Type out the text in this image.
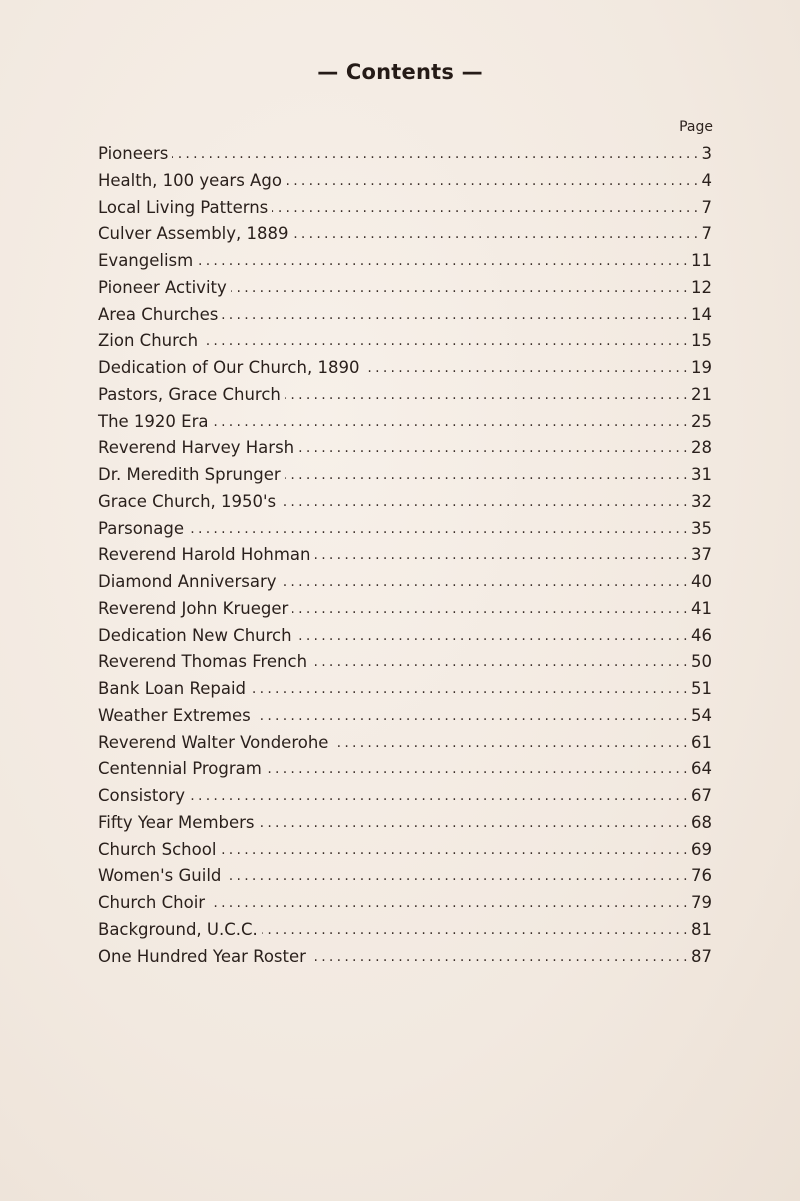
— Contents —
Page
Pioneers . . .	3
Health, 100 years Ago . . .	4
Local Living Patterns . . .	7
Culver Assembly, 1889 . . .	7
Evangelism . . .	11
Pioneer Activity . . .	12
Area Churches . . .	14
Zion Church . . .	15
Dedication of Our Church, 1890 . . .	19
Pastors, Grace Church . . .	21
The 1920 Era . . .	25
Reverend Harvey Harsh . . .	28
Dr. Meredith Sprunger . . .	31
Grace Church, 1950's . . .	32
Parsonage . . .	35
Reverend Harold Hohman . . .	37
Diamond Anniversary . . .	40
Reverend John Krueger . . .	41
Dedication New Church . . .	46
Reverend Thomas French . . .	50
Bank Loan Repaid . . .	51
Weather Extremes . . .	54
Reverend Walter Vonderohe . . .	61
Centennial Program . . .	64
Consistory . . .	67
Fifty Year Members . . .	68
Church School . . .	69
Women's Guild . . .	76
Church Choir . . .	79
Background, U.C.C. . . .	81
One Hundred Year Roster . . .	87
